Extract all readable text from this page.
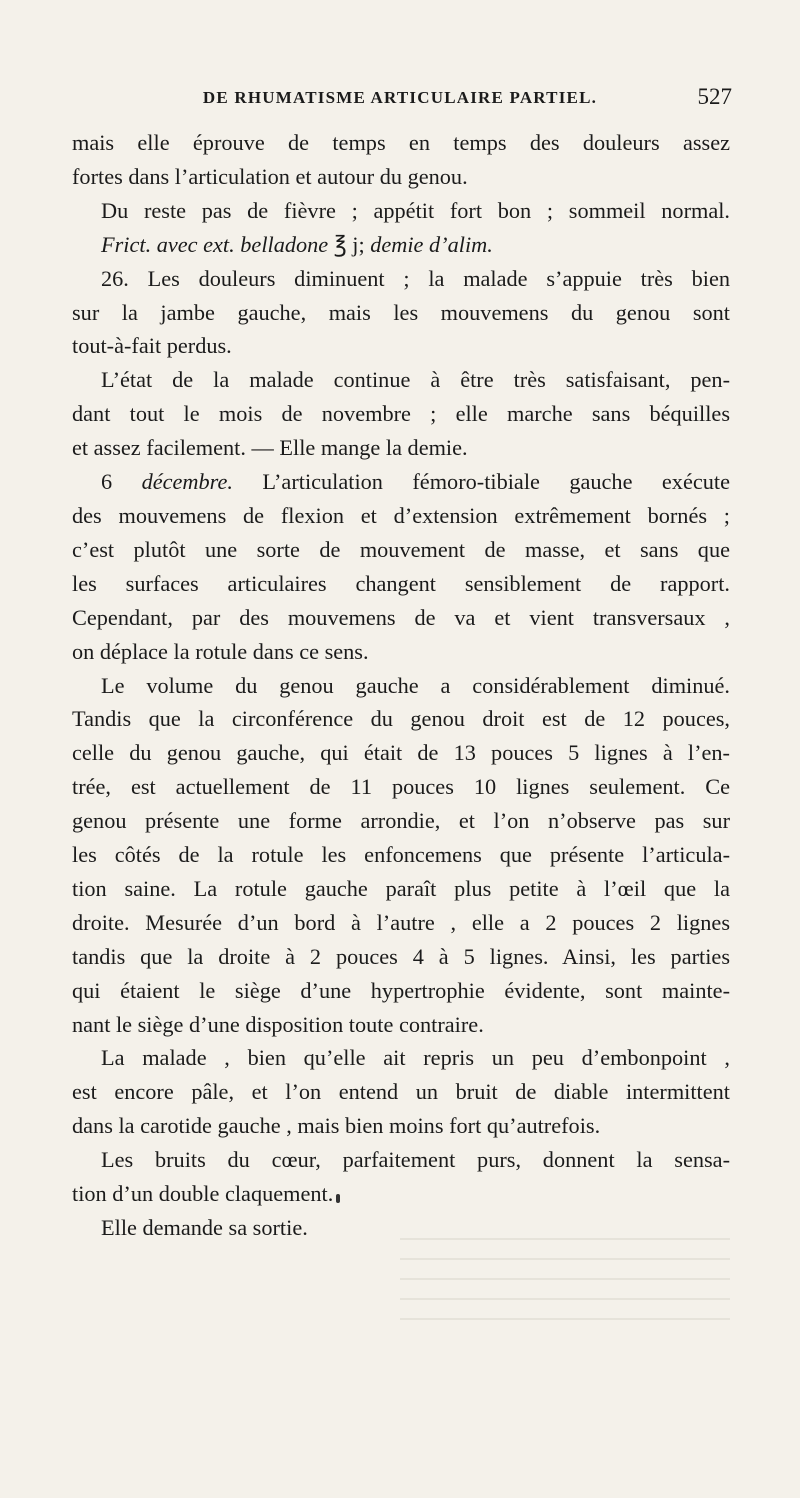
DE RHUMATISME ARTICULAIRE PARTIEL.	527
mais elle éprouve de temps en temps des douleurs assez
fortes dans l’articulation et autour du genou.
Du reste pas de fièvre ; appétit fort bon ; sommeil normal.
Frict. avec ext. belladone ℥ j; demie d’alim.
26. Les douleurs diminuent ; la malade s’appuie très bien
sur la jambe gauche, mais les mouvemens du genou sont
tout-à-fait perdus.
L’état de la malade continue à être très satisfaisant, pen-
dant tout le mois de novembre ; elle marche sans béquilles
et assez facilement. — Elle mange la demie.
6 décembre. L’articulation fémoro-tibiale gauche exécute
des mouvemens de flexion et d’extension extrêmement bornés ;
c’est plutôt une sorte de mouvement de masse, et sans que
les surfaces articulaires changent sensiblement de rapport.
Cependant, par des mouvemens de va et vient transversaux ,
on déplace la rotule dans ce sens.
Le volume du genou gauche a considérablement diminué.
Tandis que la circonférence du genou droit est de 12 pouces,
celle du genou gauche, qui était de 13 pouces 5 lignes à l’en-
trée, est actuellement de 11 pouces 10 lignes seulement. Ce
genou présente une forme arrondie, et l’on n’observe pas sur
les côtés de la rotule les enfoncemens que présente l’articula-
tion saine. La rotule gauche paraît plus petite à l’œil que la
droite. Mesurée d’un bord à l’autre , elle a 2 pouces 2 lignes
tandis que la droite à 2 pouces 4 à 5 lignes. Ainsi, les parties
qui étaient le siège d’une hypertrophie évidente, sont mainte-
nant le siège d’une disposition toute contraire.
La malade , bien qu’elle ait repris un peu d’embonpoint ,
est encore pâle, et l’on entend un bruit de diable intermittent
dans la carotide gauche , mais bien moins fort qu’autrefois.
Les bruits du cœur, parfaitement purs, donnent la sensa-
tion d’un double claquement.
Elle demande sa sortie.
